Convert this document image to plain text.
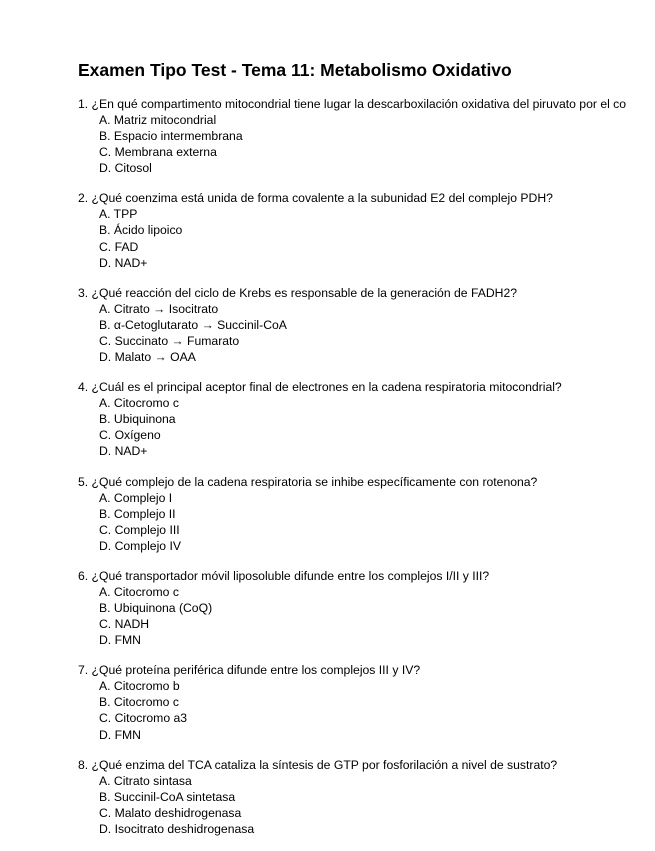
Examen Tipo Test - Tema 11: Metabolismo Oxidativo
1. ¿En qué compartimento mitocondrial tiene lugar la descarboxilación oxidativa del piruvato por el co
A. Matriz mitocondrial
B. Espacio intermembrana
C. Membrana externa
D. Citosol
2. ¿Qué coenzima está unida de forma covalente a la subunidad E2 del complejo PDH?
A. TPP
B. Ácido lipoico
C. FAD
D. NAD+
3. ¿Qué reacción del ciclo de Krebs es responsable de la generación de FADH2?
A. Citrato → Isocitrato
B. α-Cetoglutarato → Succinil-CoA
C. Succinato → Fumarato
D. Malato → OAA
4. ¿Cuál es el principal aceptor final de electrones en la cadena respiratoria mitocondrial?
A. Citocromo c
B. Ubiquinona
C. Oxígeno
D. NAD+
5. ¿Qué complejo de la cadena respiratoria se inhibe específicamente con rotenona?
A. Complejo I
B. Complejo II
C. Complejo III
D. Complejo IV
6. ¿Qué transportador móvil liposoluble difunde entre los complejos I/II y III?
A. Citocromo c
B. Ubiquinona (CoQ)
C. NADH
D. FMN
7. ¿Qué proteína periférica difunde entre los complejos III y IV?
A. Citocromo b
B. Citocromo c
C. Citocromo a3
D. FMN
8. ¿Qué enzima del TCA cataliza la síntesis de GTP por fosforilación a nivel de sustrato?
A. Citrato sintasa
B. Succinil-CoA sintetasa
C. Malato deshidrogenasa
D. Isocitrato deshidrogenasa
